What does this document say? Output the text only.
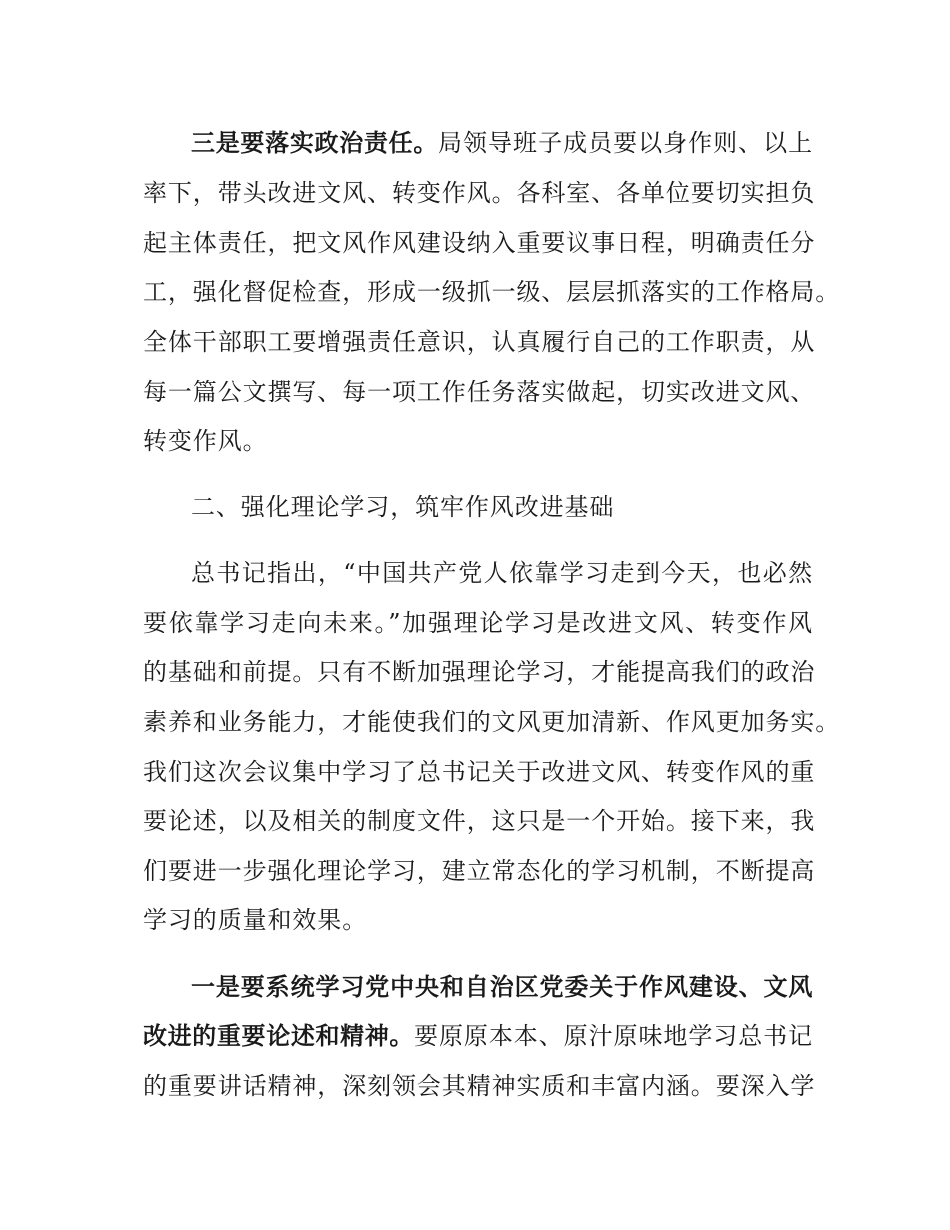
三是要落实政治责任。局领导班子成员要以身作则、以上
率下，带头改进文风、转变作风。各科室、各单位要切实担负
起主体责任，把文风作风建设纳入重要议事日程，明确责任分
工，强化督促检查，形成一级抓一级、层层抓落实的工作格局。
全体干部职工要增强责任意识，认真履行自己的工作职责，从
每一篇公文撰写、每一项工作任务落实做起，切实改进文风、
转变作风。
二、强化理论学习，筑牢作风改进基础
总书记指出，“中国共产党人依靠学习走到今天，也必然
要依靠学习走向未来。”加强理论学习是改进文风、转变作风
的基础和前提。只有不断加强理论学习，才能提高我们的政治
素养和业务能力，才能使我们的文风更加清新、作风更加务实。
我们这次会议集中学习了总书记关于改进文风、转变作风的重
要论述，以及相关的制度文件，这只是一个开始。接下来，我
们要进一步强化理论学习，建立常态化的学习机制，不断提高
学习的质量和效果。
一是要系统学习党中央和自治区党委关于作风建设、文风
改进的重要论述和精神。要原原本本、原汁原味地学习总书记
的重要讲话精神，深刻领会其精神实质和丰富内涵。要深入学
